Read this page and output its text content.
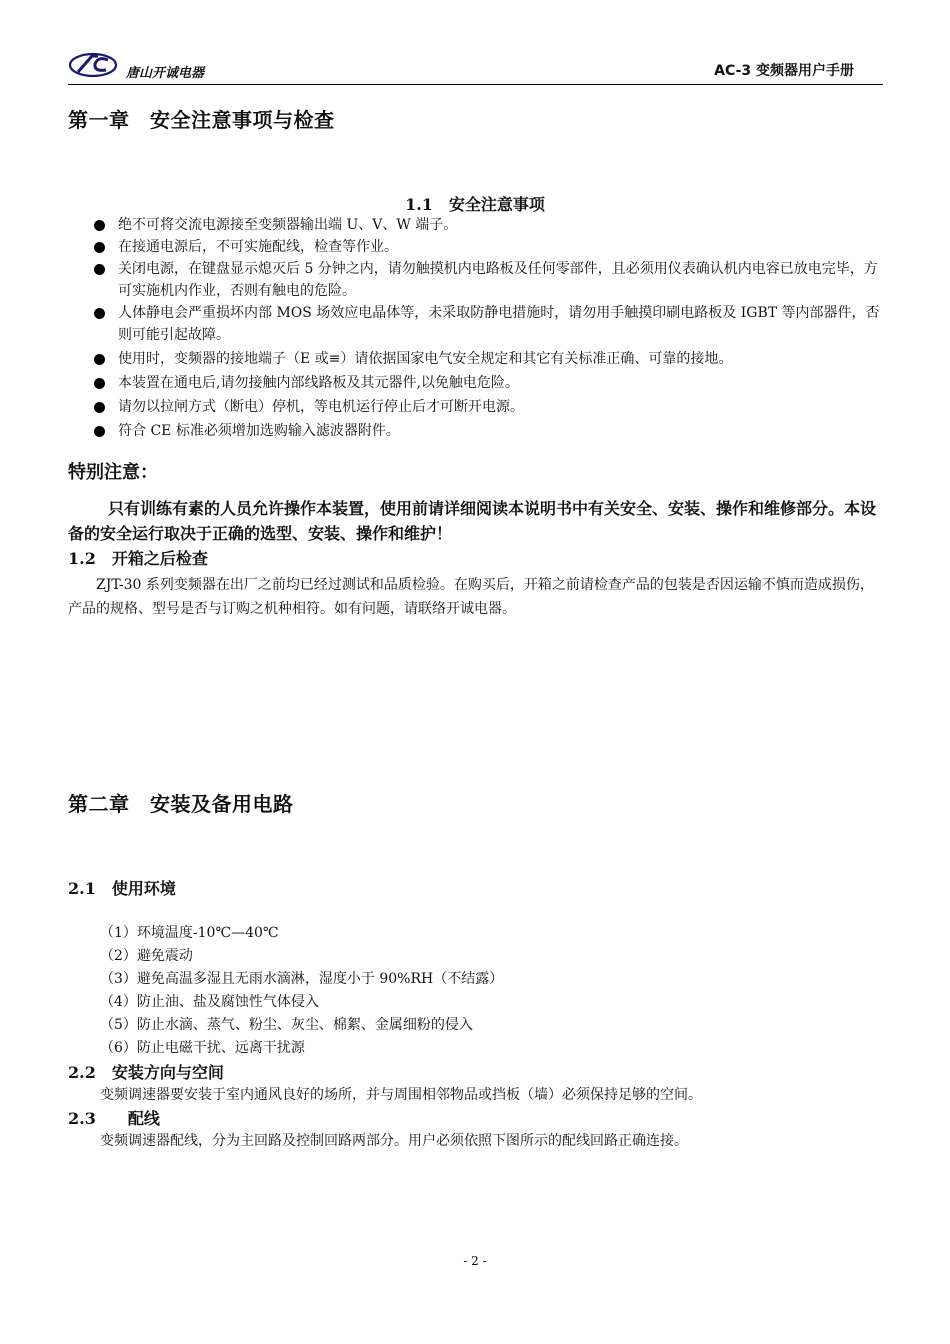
唐山开诚电器	AC-3 变频器用户手册
第一章　安全注意事项与检查
1.1　安全注意事项
绝不可将交流电源接至变频器输出端 U、V、W 端子。
在接通电源后，不可实施配线，检查等作业。
关闭电源，在键盘显示熄灭后 5 分钟之内，请勿触摸机内电路板及任何零部件，且必须用仪表确认机内电容已放电完毕，方可实施机内作业，否则有触电的危险。
人体静电会严重损坏内部 MOS 场效应电晶体等，未采取防静电措施时，请勿用手触摸印刷电路板及 IGBT 等内部器件，否则可能引起故障。
使用时，变频器的接地端子（E 或≡）请依据国家电气安全规定和其它有关标准正确、可靠的接地。
本装置在通电后,请勿接触内部线路板及其元器件,以免触电危险。
请勿以拉闸方式（断电）停机，等电机运行停止后才可断开电源。
符合 CE 标准必须增加选购输入滤波器附件。
特别注意：
只有训练有素的人员允许操作本装置，使用前请详细阅读本说明书中有关安全、安装、操作和维修部分。本设备的安全运行取决于正确的选型、安装、操作和维护！
1.2　开箱之后检查
ZJT-30 系列变频器在出厂之前均已经过测试和品质检验。在购买后，开箱之前请检查产品的包装是否因运输不慎而造成损伤，产品的规格、型号是否与订购之机种相符。如有问题，请联络开诚电器。
第二章　安装及备用电路
2.1　使用环境
（1）环境温度-10℃—40℃
（2）避免震动
（3）避免高温多湿且无雨水滴淋，湿度小于 90%RH（不结露）
（4）防止油、盐及腐蚀性气体侵入
（5）防止水滴、蒸气、粉尘、灰尘、棉絮、金属细粉的侵入
（6）防止电磁干扰、远离干扰源
2.2　安装方向与空间
变频调速器要安装于室内通风良好的场所，并与周围相邻物品或挡板（墙）必须保持足够的空间。
2.3　　配线
变频调速器配线，分为主回路及控制回路两部分。用户必须依照下图所示的配线回路正确连接。
- 2 -
